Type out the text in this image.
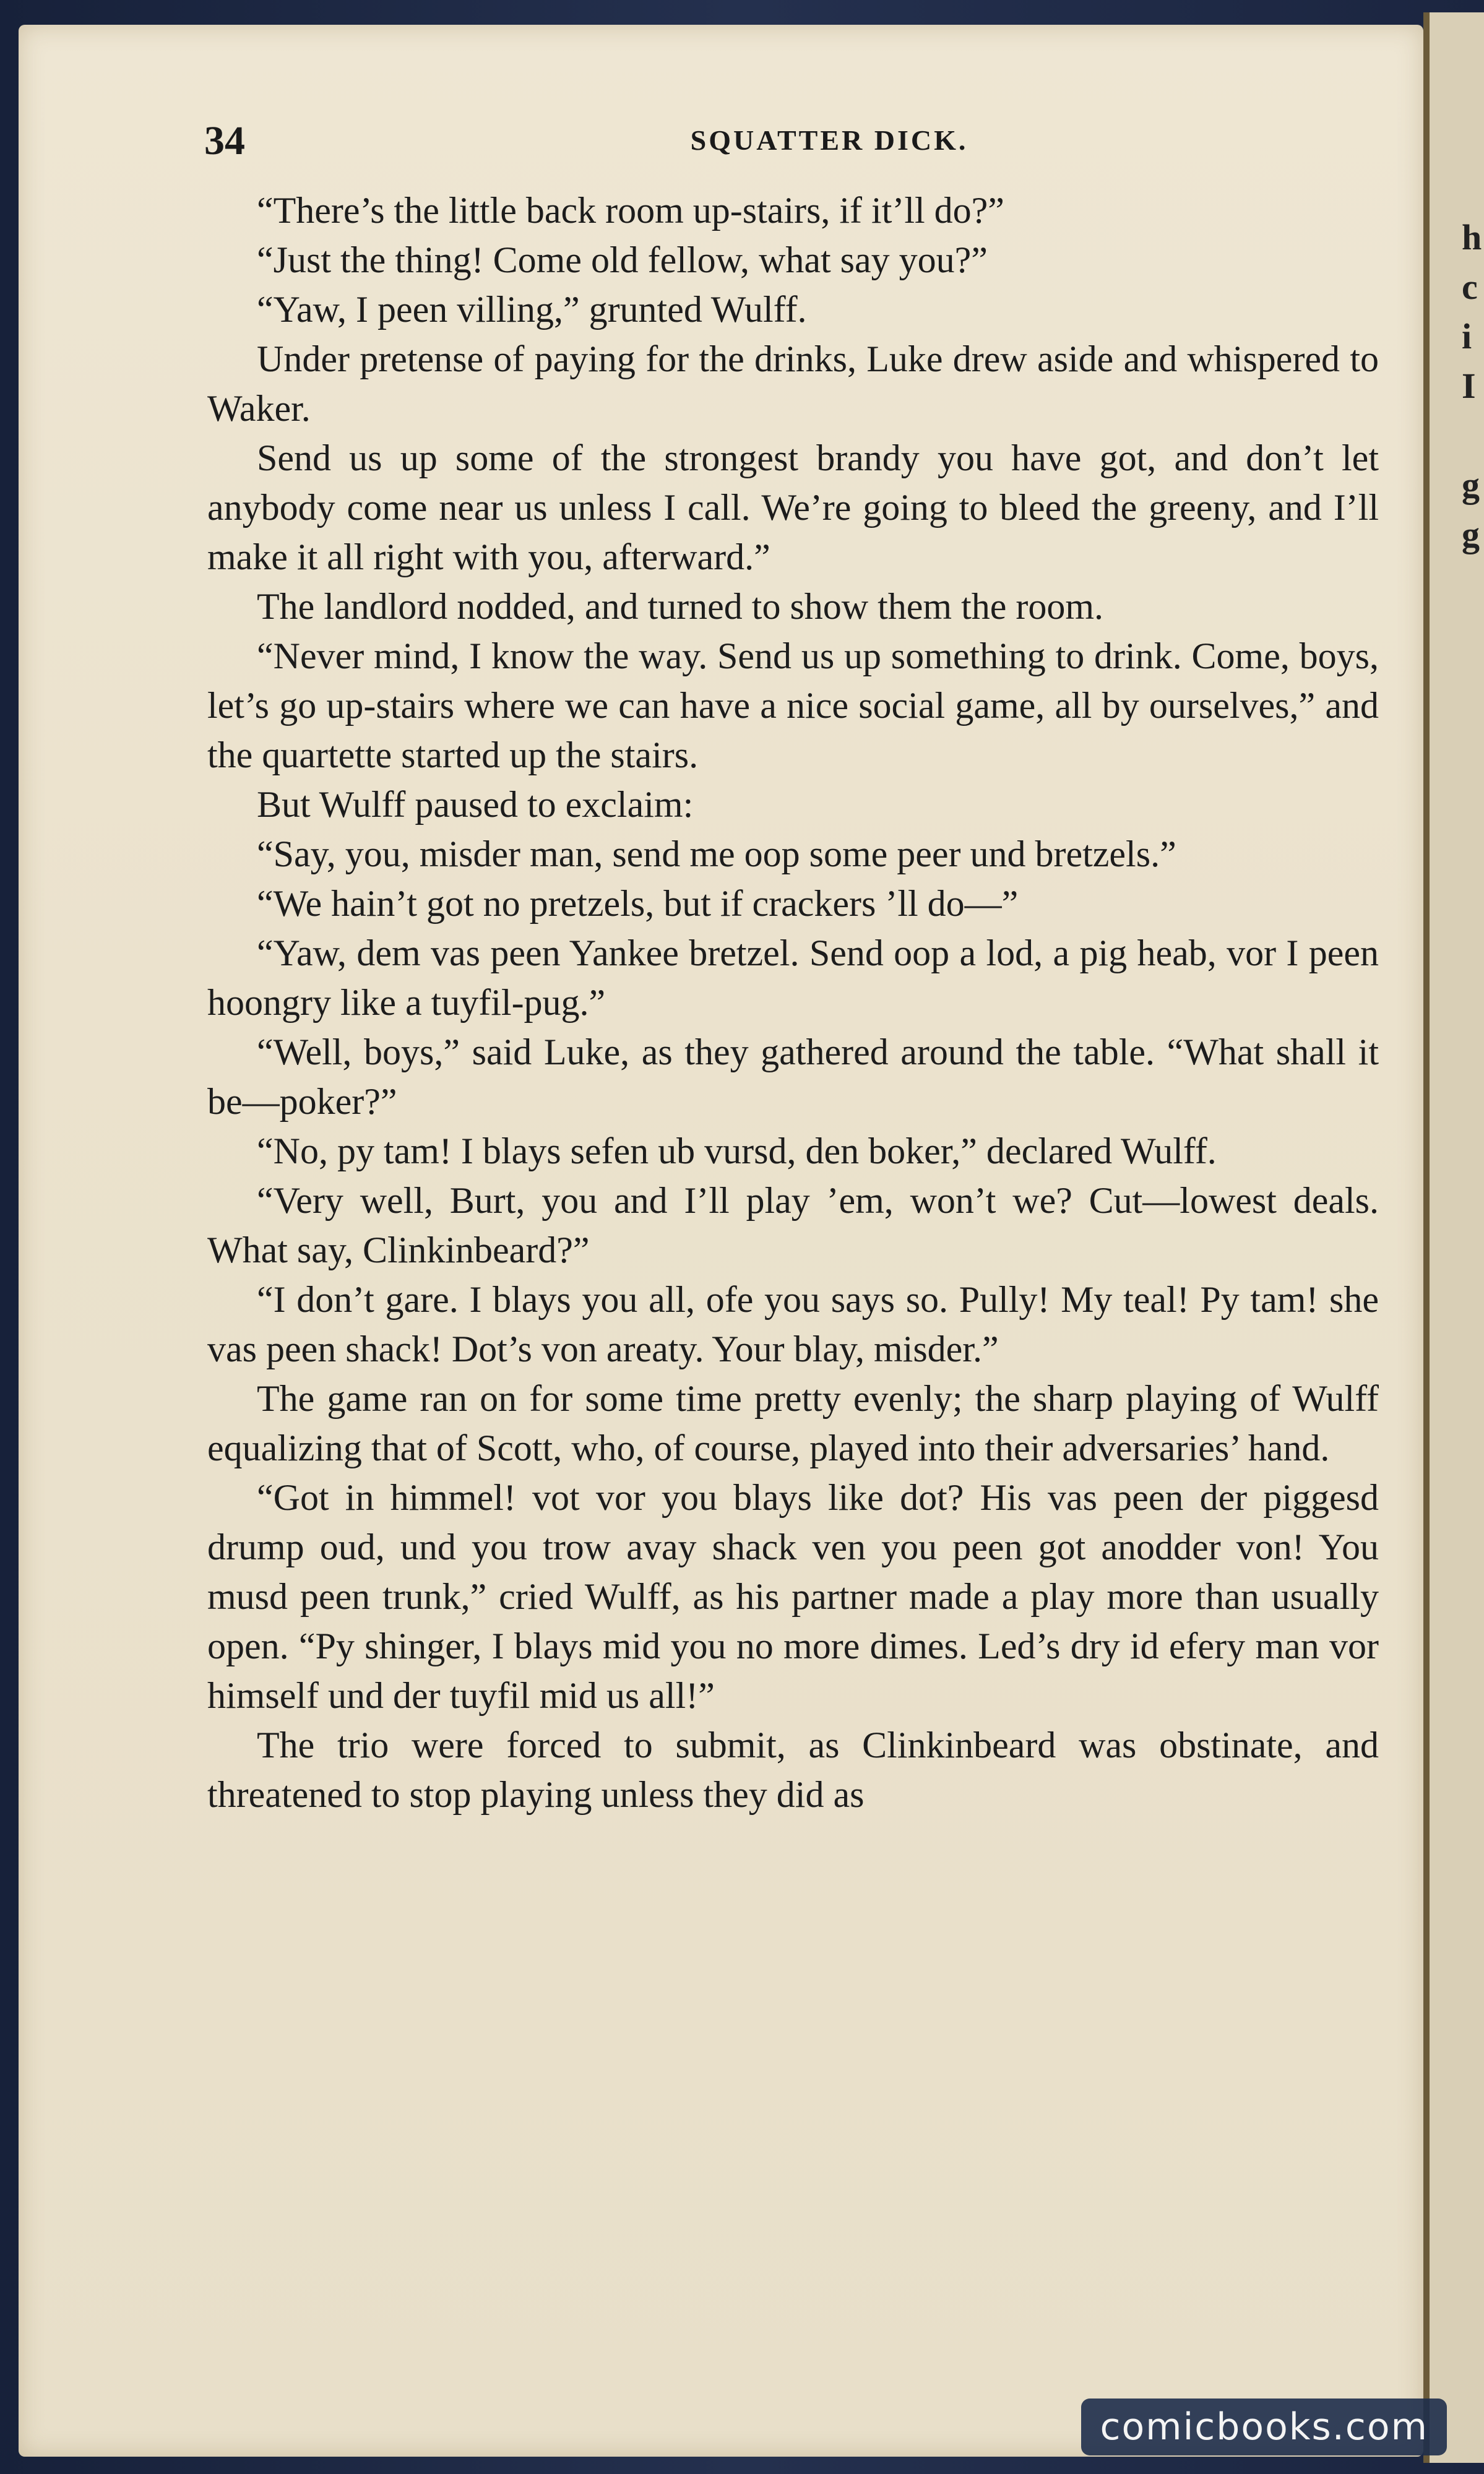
h
c
i
I
g
g
34	SQUATTER DICK.

“There’s the little back room up-stairs, if it’ll do?”

“Just the thing! Come old fellow, what say you?”

“Yaw, I peen villing,” grunted Wulff.

Under pretense of paying for the drinks, Luke drew aside and whispered to Waker.

Send us up some of the strongest brandy you have got, and don’t let anybody come near us unless I call. We’re going to bleed the greeny, and I’ll make it all right with you, afterward.”

The landlord nodded, and turned to show them the room.

“Never mind, I know the way. Send us up something to drink. Come, boys, let’s go up-stairs where we can have a nice social game, all by ourselves,” and the quartette started up the stairs.

But Wulff paused to exclaim:

“Say, you, misder man, send me oop some peer und bretzels.”

“We hain’t got no pretzels, but if crackers ’ll do—”

“Yaw, dem vas peen Yankee bretzel. Send oop a lod, a pig heab, vor I peen hoongry like a tuyfil-pug.”

“Well, boys,” said Luke, as they gathered around the table. “What shall it be—poker?”

“No, py tam! I blays sefen ub vursd, den boker,” declared Wulff.

“Very well, Burt, you and I’ll play ’em, won’t we? Cut—lowest deals. What say, Clinkinbeard?”

“I don’t gare. I blays you all, ofe you says so. Pully! My teal! Py tam! she vas peen shack! Dot’s von areaty. Your blay, misder.”

The game ran on for some time pretty evenly; the sharp playing of Wulff equalizing that of Scott, who, of course, played into their adversaries’ hand.

“Got in himmel! vot vor you blays like dot? His vas peen der piggesd drump oud, und you trow avay shack ven you peen got anodder von! You musd peen trunk,” cried Wulff, as his partner made a play more than usually open. “Py shinger, I blays mid you no more dimes. Led’s dry id efery man vor himself und der tuyfil mid us all!”

The trio were forced to submit, as Clinkinbeard was obstinate, and threatened to stop playing unless they did as

comicbooks.com
